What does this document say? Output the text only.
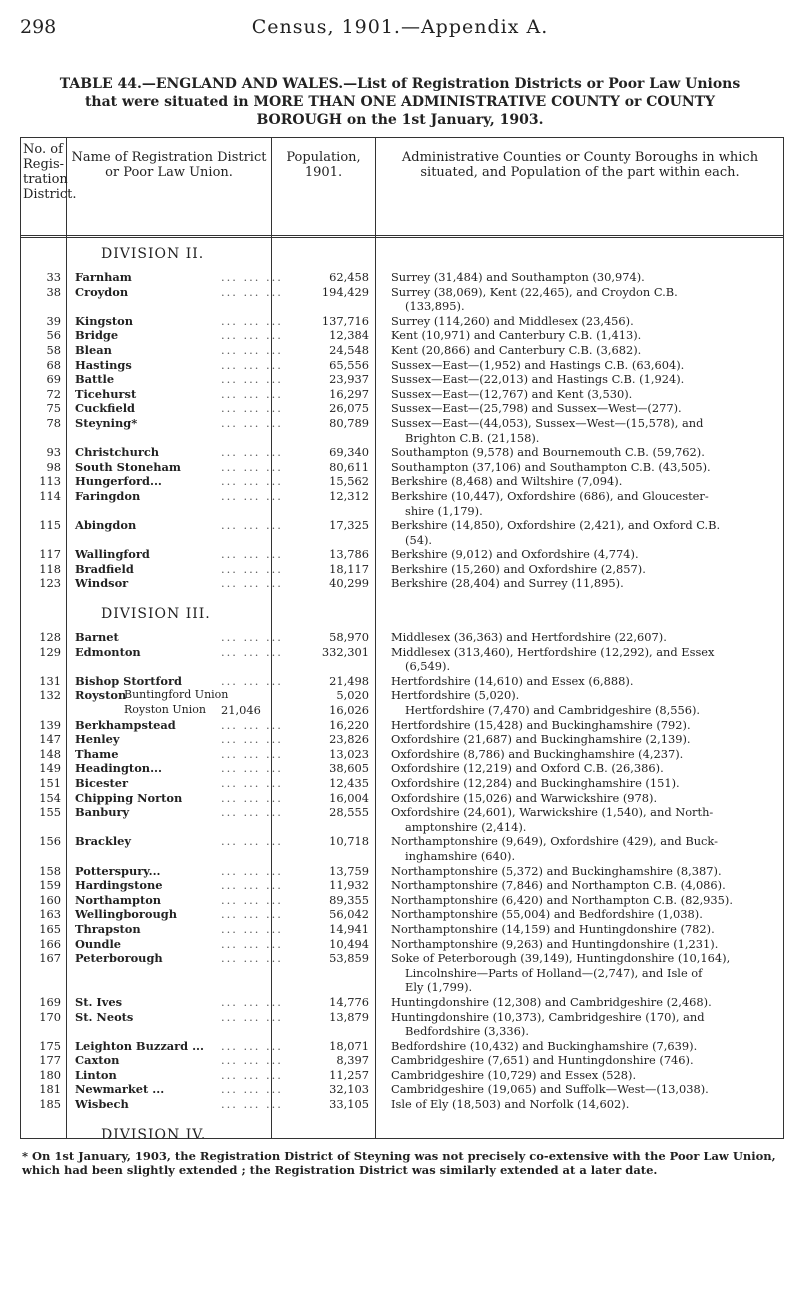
298	Census, 1901.—Appendix A.
TABLE 44.—ENGLAND AND WALES.—List of Registration Districts or Poor Law Unions
that were situated in MORE THAN ONE ADMINISTRATIVE COUNTY or COUNTY
BOROUGH on the 1st January, 1903.
No. of
Regis-
tration
District.
Name of Registration District
or Poor Law Union.
Population,
1901.
Administrative Counties or County Boroughs in which
situated, and Population of the part within each.
DIVISION II.
33 Farnham	... ... ...	62,458 Surrey (31,484) and Southampton (30,974).
38 Croydon	... ... ...	194,429 Surrey (38,069), Kent (22,465), and Croydon C.B.
(133,895).
39 Kingston	... ... ...	137,716 Surrey (114,260) and Middlesex (23,456).
56 Bridge	... ... ...	12,384 Kent (10,971) and Canterbury C.B. (1,413).
58 Blean	... ... ...	24,548 Kent (20,866) and Canterbury C.B. (3,682).
68 Hastings	... ... ...	65,556 Sussex—East—(1,952) and Hastings C.B. (63,604).
69 Battle	... ... ...	23,937 Sussex—East—(22,013) and Hastings C.B. (1,924).
72 Ticehurst	... ... ...	16,297 Sussex—East—(12,767) and Kent (3,530).
75 Cuckfield	... ... ...	26,075 Sussex—East—(25,798) and Sussex—West—(277).
78 Steyning*	... ... ...	80,789 Sussex—East—(44,053), Sussex—West—(15,578), and
Brighton C.B. (21,158).
93 Christchurch	... ... ...	69,340 Southampton (9,578) and Bournemouth C.B. (59,762).
98 South Stoneham	... ... ...	80,611 Southampton (37,106) and Southampton C.B. (43,505).
113 Hungerford...	... ... ...	15,562 Berkshire (8,468) and Wiltshire (7,094).
114 Faringdon	... ... ...	12,312 Berkshire (10,447), Oxfordshire (686), and Gloucester-
shire (1,179).
115 Abingdon	... ... ...	17,325 Berkshire (14,850), Oxfordshire (2,421), and Oxford C.B.
(54).
117 Wallingford	... ... ...	13,786 Berkshire (9,012) and Oxfordshire (4,774).
118 Bradfield	... ... ...	18,117 Berkshire (15,260) and Oxfordshire (2,857).
123 Windsor	... ... ...	40,299 Berkshire (28,404) and Surrey (11,895).
DIVISION III.
128 Barnet	... ... ...	58,970 Middlesex (36,363) and Hertfordshire (22,607).
129 Edmonton	... ... ...	332,301 Middlesex (313,460), Hertfordshire (12,292), and Essex
(6,549).
131 Bishop Stortford	... ... ...	21,498 Hertfordshire (14,610) and Essex (6,888).
132 Royston
Buntingford Union	5,020 Hertfordshire (5,020).
Royston Union 21,046	16,026	Hertfordshire (7,470) and Cambridgeshire (8,556).
139 Berkhampstead	... ... ...	16,220 Hertfordshire (15,428) and Buckinghamshire (792).
147 Henley	... ... ...	23,826 Oxfordshire (21,687) and Buckinghamshire (2,139).
148 Thame	... ... ...	13,023 Oxfordshire (8,786) and Buckinghamshire (4,237).
149 Headington...	... ... ...	38,605 Oxfordshire (12,219) and Oxford C.B. (26,386).
151 Bicester	... ... ...	12,435 Oxfordshire (12,284) and Buckinghamshire (151).
154 Chipping Norton	... ... ...	16,004 Oxfordshire (15,026) and Warwickshire (978).
155 Banbury	... ... ...	28,555 Oxfordshire (24,601), Warwickshire (1,540), and North-
amptonshire (2,414).
156 Brackley	... ... ...	10,718 Northamptonshire (9,649), Oxfordshire (429), and Buck-
inghamshire (640).
158 Potterspury...	... ... ...	13,759 Northamptonshire (5,372) and Buckinghamshire (8,387).
159 Hardingstone	... ... ...	11,932 Northamptonshire (7,846) and Northampton C.B. (4,086).
160 Northampton	... ... ...	89,355 Northamptonshire (6,420) and Northampton C.B. (82,935).
163 Wellingborough	... ... ...	56,042 Northamptonshire (55,004) and Bedfordshire (1,038).
165 Thrapston	... ... ...	14,941 Northamptonshire (14,159) and Huntingdonshire (782).
166 Oundle	... ... ...	10,494 Northamptonshire (9,263) and Huntingdonshire (1,231).
167 Peterborough	... ... ...	53,859 Soke of Peterborough (39,149), Huntingdonshire (10,164),
Lincolnshire—Parts of Holland—(2,747), and Isle of
Ely (1,799).
169 St. Ives	... ... ...	14,776 Huntingdonshire (12,308) and Cambridgeshire (2,468).
170 St. Neots	... ... ...	13,879 Huntingdonshire (10,373), Cambridgeshire (170), and
Bedfordshire (3,336).
175 Leighton Buzzard ... ... ... ...	18,071 Bedfordshire (10,432) and Buckinghamshire (7,639).
177 Caxton	... ... ...	8,397 Cambridgeshire (7,651) and Huntingdonshire (746).
180 Linton	... ... ...	11,257 Cambridgeshire (10,729) and Essex (528).
181 Newmarket ...	... ... ...	32,103 Cambridgeshire (19,065) and Suffolk—West—(13,038).
185 Wisbech	... ... ...	33,105 Isle of Ely (18,503) and Norfolk (14,602).
DIVISION IV.
* On 1st January, 1903, the Registration District of Steyning was not precisely co-extensive with the Poor Law Union, which had been slightly extended ; the Registration District was similarly extended at a later date.
